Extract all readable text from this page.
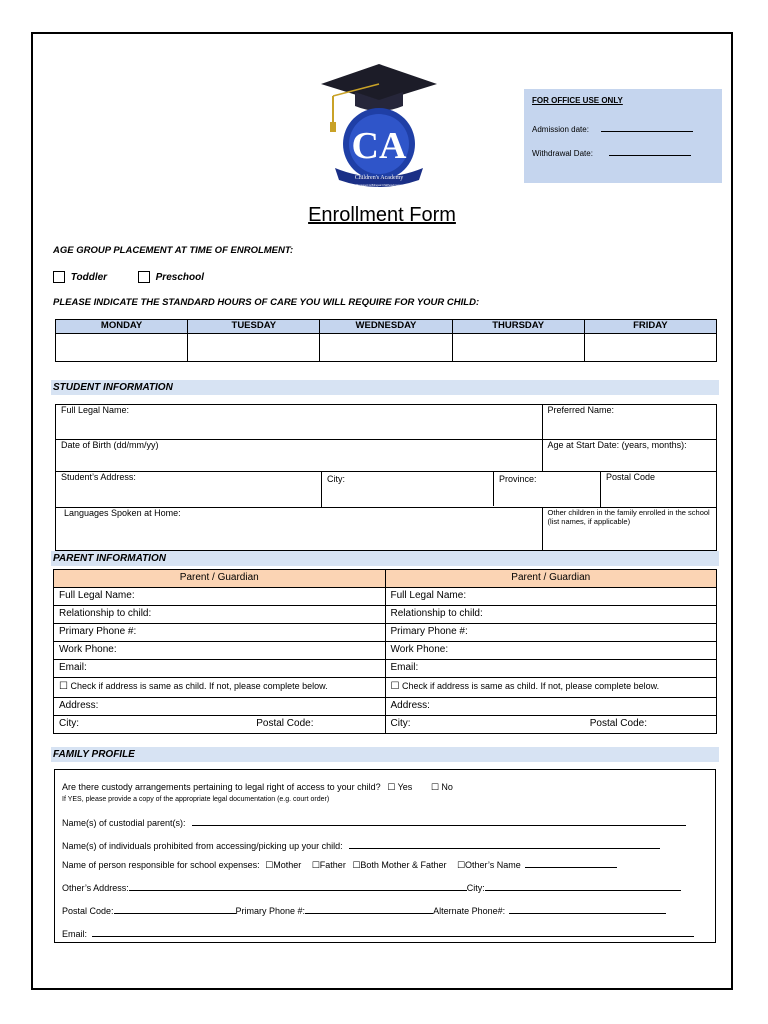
CA
Children's Academy
Montessori & Bilingual Childhood Centre
FOR OFFICE USE ONLY
Admission date:
Withdrawal Date:
Enrollment Form
AGE GROUP PLACEMENT AT TIME OF ENROLMENT:
Toddler	Preschool
PLEASE INDICATE THE STANDARD HOURS OF CARE YOU WILL REQUIRE FOR YOUR CHILD:
MONDAY	TUESDAY	WEDNESDAY	THURSDAY	FRIDAY

STUDENT INFORMATION
Full Legal Name:		Preferred Name:	
Date of Birth (dd/mm/yy)		Age at Start Date: (years, months):	
Student’s Address:	City: Province:		Postal Code
Languages Spoken at Home:		Other children in the family enrolled in the school (list names, if applicable)	
PARENT INFORMATION
Parent / Guardian	Parent / Guardian
Full Legal Name:	Full Legal Name:
Relationship to child:	Relationship to child:
Primary Phone #:	Primary Phone #:
Work Phone:	Work Phone:
Email:	Email:
☐ Check if address is same as child. If not, please complete below.	☐ Check if address is same as child. If not, please complete below.
Address:	Address:
City: Postal Code:	City: Postal Code:
FAMILY PROFILE
Are there custody arrangements pertaining to legal right of access to your child? ☐ Yes ☐ No
If YES, please provide a copy of the appropriate legal documentation (e.g. court order)
Name(s) of custodial parent(s):
Name(s) of individuals prohibited from accessing/picking up your child:
Name of person responsible for school expenses: ☐Mother ☐Father ☐Both Mother & Father ☐Other’s Name
Other’s Address:	City:
Postal Code:	Primary Phone #:	Alternate Phone#:
Email:
